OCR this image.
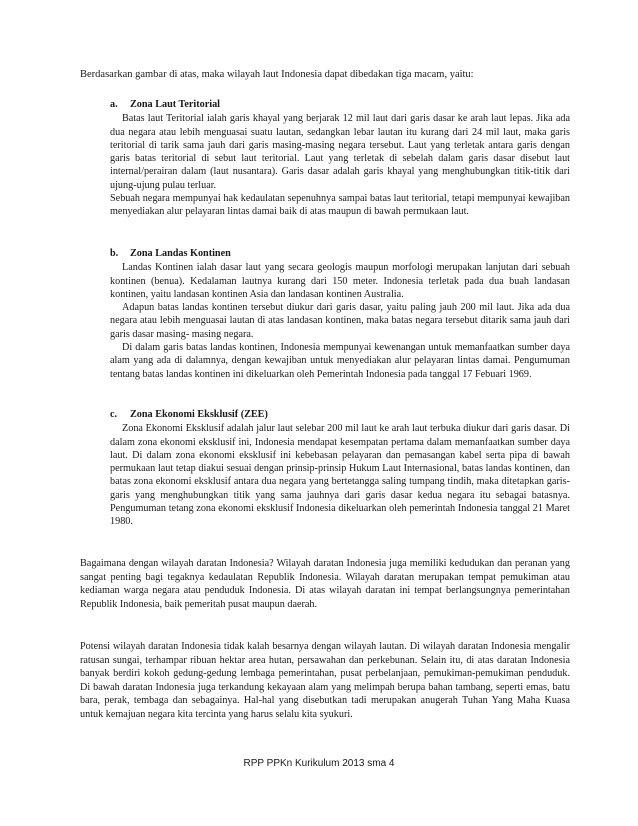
Berdasarkan gambar di atas, maka wilayah laut Indonesia dapat dibedakan tiga macam, yaitu:
a. Zona Laut Teritorial

Batas laut Teritorial ialah garis khayal yang berjarak 12 mil laut dari garis dasar ke arah laut lepas. Jika ada dua negara atau lebih menguasai suatu lautan, sedangkan lebar lautan itu kurang dari 24 mil laut, maka garis teritorial di tarik sama jauh dari garis masing-masing negara tersebut. Laut yang terletak antara garis dengan garis batas teritorial di sebut laut teritorial. Laut yang terletak di sebelah dalam garis dasar disebut laut internal/perairan dalam (laut nusantara). Garis dasar adalah garis khayal yang menghubungkan titik-titik dari ujung-ujung pulau terluar.

Sebuah negara mempunyai hak kedaulatan sepenuhnya sampai batas laut teritorial, tetapi mempunyai kewajiban menyediakan alur pelayaran lintas damai baik di atas maupun di bawah permukaan laut.

b. Zona Landas Kontinen

Landas Kontinen ialah dasar laut yang secara geologis maupun morfologi merupakan lanjutan dari sebuah kontinen (benua). Kedalaman lautnya kurang dari 150 meter. Indonesia terletak pada dua buah landasan kontinen, yaitu landasan kontinen Asia dan landasan kontinen Australia.

Adapun batas landas kontinen tersebut diukur dari garis dasar, yaitu paling jauh 200 mil laut. Jika ada dua negara atau lebih menguasai lautan di atas landasan kontinen, maka batas negara tersebut ditarik sama jauh dari garis dasar masing- masing negara.

Di dalam garis batas landas kontinen, Indonesia mempunyai kewenangan untuk memanfaatkan sumber daya alam yang ada di dalamnya, dengan kewajiban untuk menyediakan alur pelayaran lintas damai. Pengumuman tentang batas landas kontinen ini dikeluarkan oleh Pemerintah Indonesia pada tanggal 17 Febuari 1969.

c. Zona Ekonomi Eksklusif (ZEE)

Zona Ekonomi Eksklusif adalah jalur laut selebar 200 mil laut ke arah laut terbuka diukur dari garis dasar. Di dalam zona ekonomi eksklusif ini, Indonesia mendapat kesempatan pertama dalam memanfaatkan sumber daya laut. Di dalam zona ekonomi eksklusif ini kebebasan pelayaran dan pemasangan kabel serta pipa di bawah permukaan laut tetap diakui sesuai dengan prinsip-prinsip Hukum Laut Internasional, batas landas kontinen, dan batas zona ekonomi eksklusif antara dua negara yang bertetangga saling tumpang tindih, maka ditetapkan garis-garis yang menghubungkan titik yang sama jauhnya dari garis dasar kedua negara itu sebagai batasnya. Pengumuman tetang zona ekonomi eksklusif Indonesia dikeluarkan oleh pemerintah Indonesia tanggal 21 Maret 1980.

Bagaimana dengan wilayah daratan Indonesia? Wilayah daratan Indonesia juga memiliki kedudukan dan peranan yang sangat penting bagi tegaknya kedaulatan Republik Indonesia. Wilayah daratan merupakan tempat pemukiman atau kediaman warga negara atau penduduk Indonesia. Di atas wilayah daratan ini tempat berlangsungnya pemerintahan Republik Indonesia, baik pemeritah pusat maupun daerah.
Potensi wilayah daratan Indonesia tidak kalah besarnya dengan wilayah lautan. Di wilayah daratan Indonesia mengalir ratusan sungai, terhampar ribuan hektar area hutan, persawahan dan perkebunan. Selain itu, di atas daratan Indonesia banyak berdiri kokoh gedung-gedung lembaga pemerintahan, pusat perbelanjaan, pemukiman-pemukiman penduduk. Di bawah daratan Indonesia juga terkandung kekayaan alam yang melimpah berupa bahan tambang, seperti emas, batu bara, perak, tembaga dan sebagainya. Hal-hal yang disebutkan tadi merupakan anugerah Tuhan Yang Maha Kuasa untuk kemajuan negara kita tercinta yang harus selalu kita syukuri.
RPP PPKn Kurikulum 2013 sma 4
